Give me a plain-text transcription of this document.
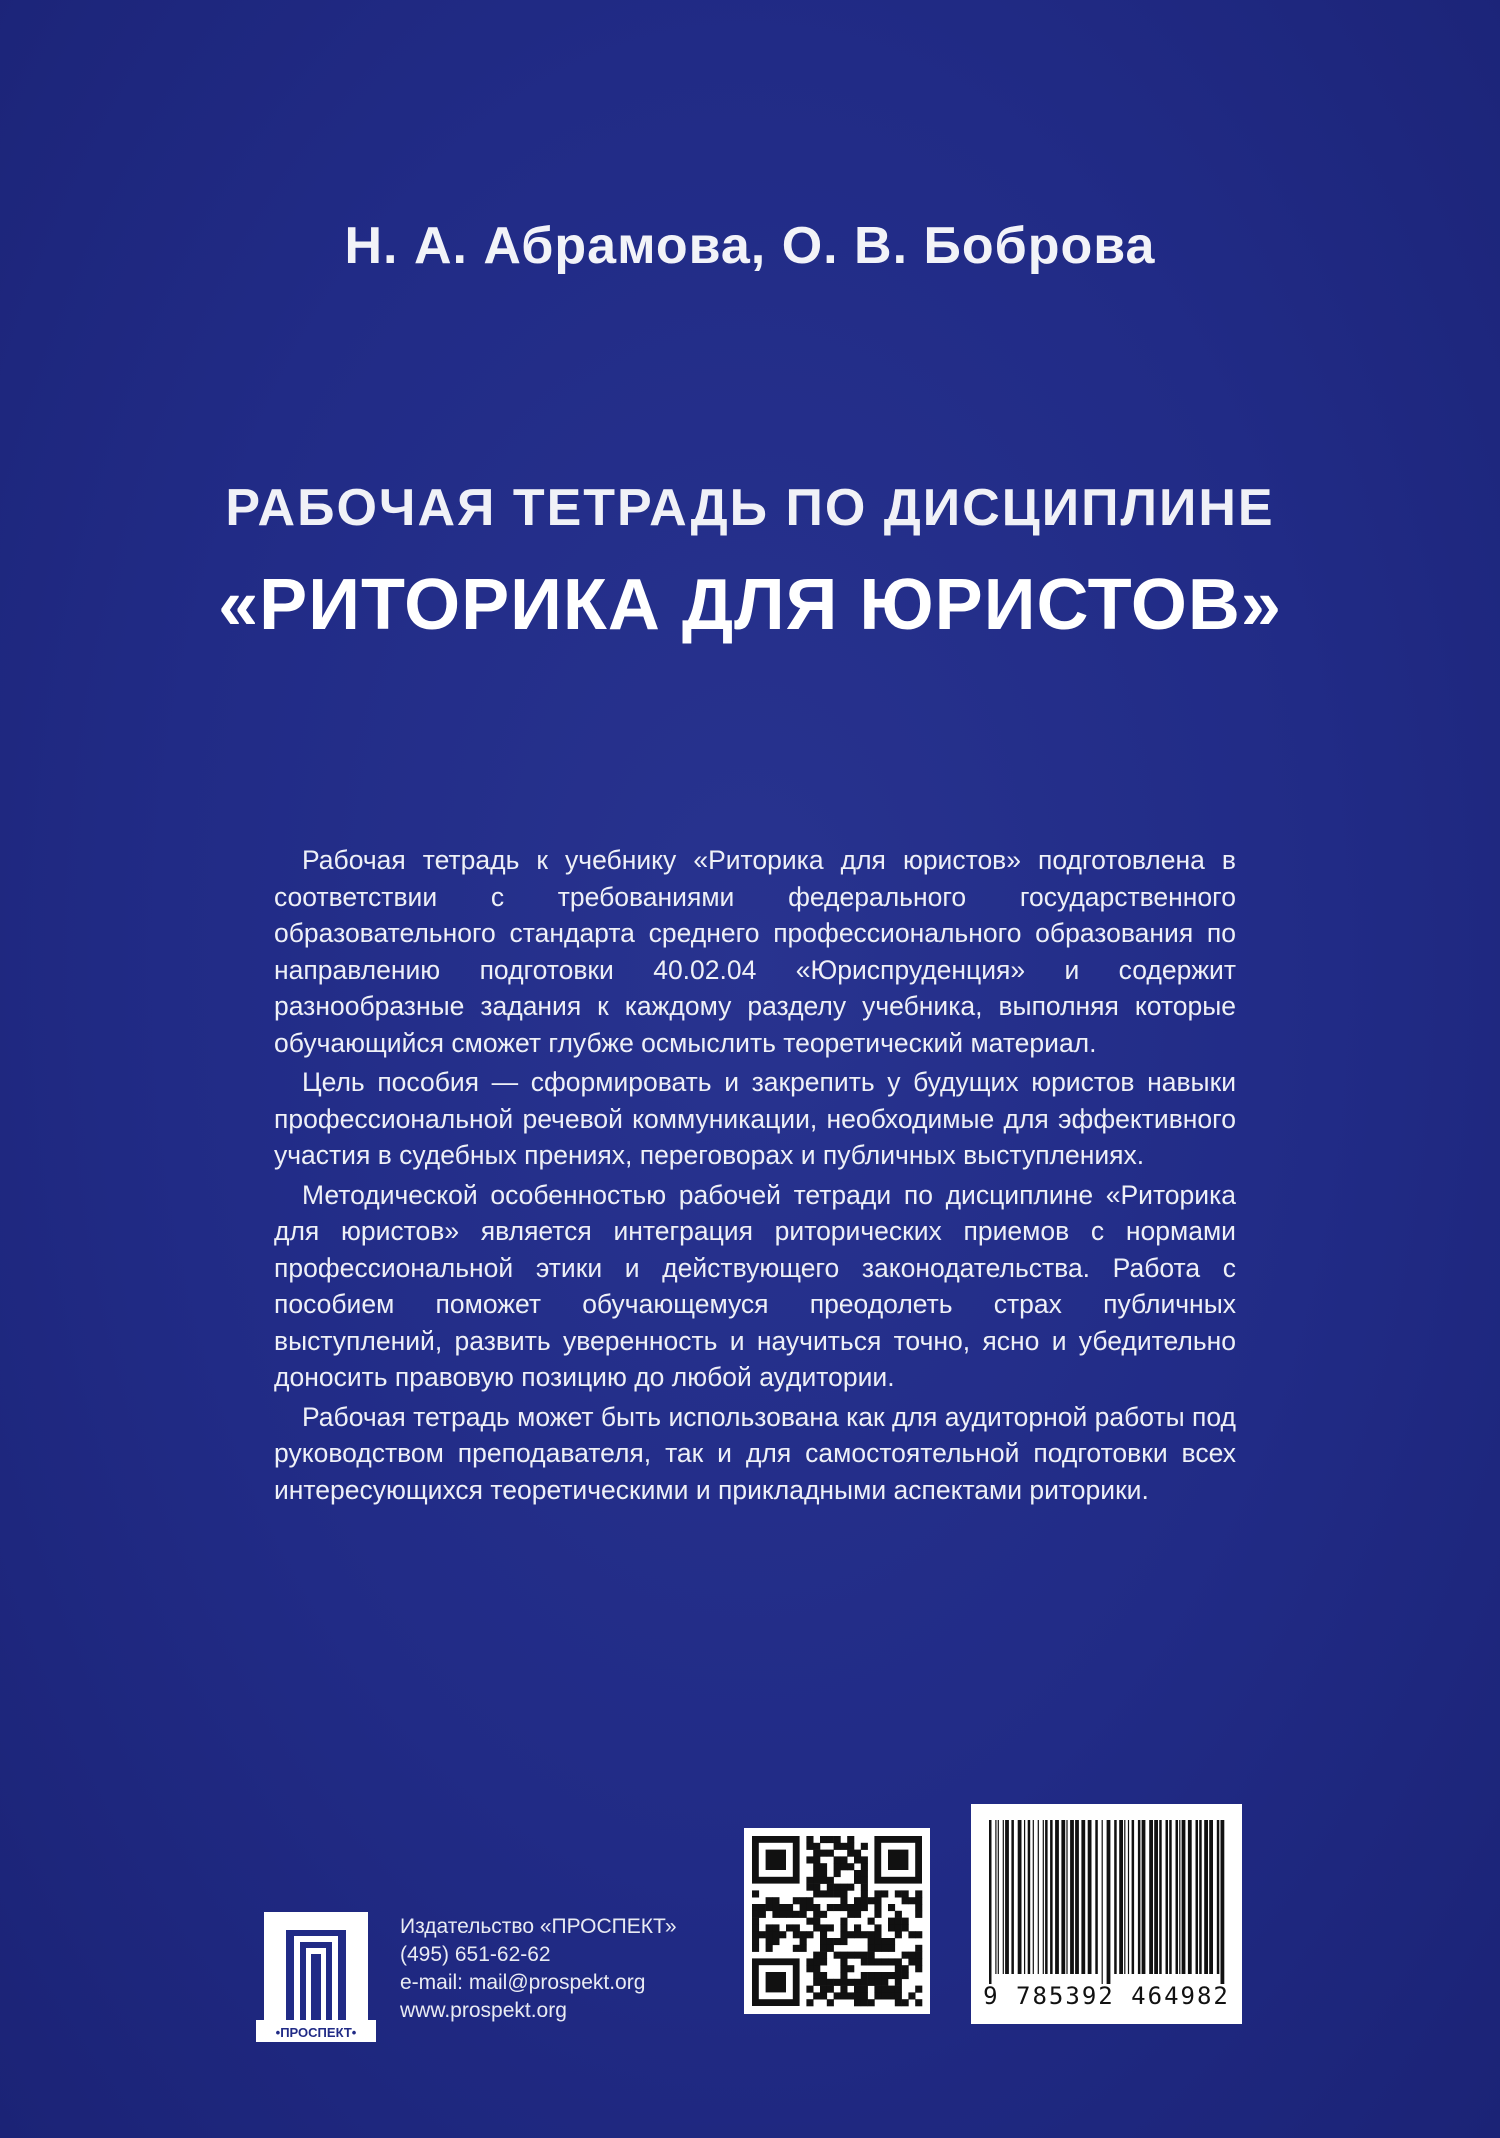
Н. А. Абрамова, О. В. Боброва
РАБОЧАЯ ТЕТРАДЬ ПО ДИСЦИПЛИНЕ
«РИТОРИКА ДЛЯ ЮРИСТОВ»

Рабочая тетрадь к учебнику «Риторика для юристов» подготовлена в соответствии с требованиями федерального государственного образовательного стандарта среднего профессионального образования по направлению подготовки 40.02.04 «Юриспруденция» и содержит разнообразные задания к каждому разделу учебника, выполняя которые обучающийся сможет глубже осмыслить теоретический материал.

Цель пособия — сформировать и закрепить у будущих юристов навыки профессиональной речевой коммуникации, необходимые для эффективного участия в судебных прениях, переговорах и публичных выступлениях.

Методической особенностью рабочей тетради по дисциплине «Риторика для юристов» является интеграция риторических приемов с нормами профессиональной этики и действующего законодательства. Работа с пособием поможет обучающемуся преодолеть страх публичных выступлений, развить уверенность и научиться точно, ясно и убедительно доносить правовую позицию до любой аудитории.

Рабочая тетрадь может быть использована как для аудиторной работы под руководством преподавателя, так и для самостоятельной подготовки всех интересующихся теоретическими и прикладными аспектами риторики.

•ПРОСПЕКТ•
Издательство «ПРОСПЕКТ»
(495) 651-62-62
e-mail: mail@prospekt.org
www.prospekt.org
9 785392 464982
